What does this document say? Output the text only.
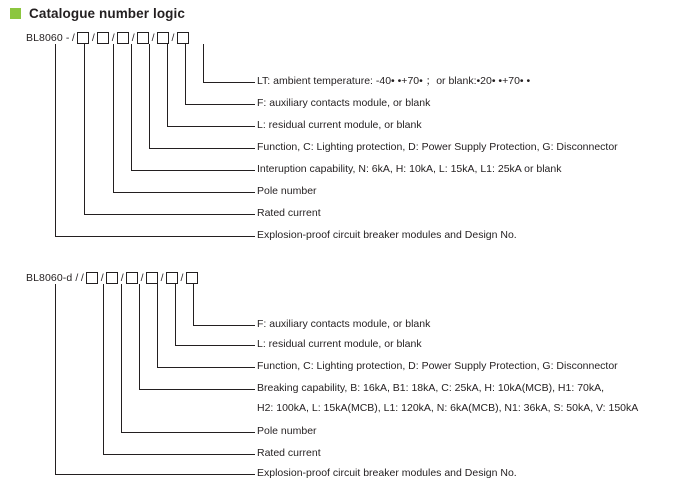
Catalogue number logic
BL8060 - / / / / / /
LT: ambient temperature: -40• •+70• ；or blank:•20• •+70• •
F: auxiliary contacts module, or blank
L: residual current module, or blank
Function, C: Lighting protection, D: Power Supply Protection, G: Disconnector
Interuption capability, N: 6kA, H: 10kA, L: 15kA, L1: 25kA or blank
Pole number
Rated current
Explosion-proof circuit breaker modules and Design No.
BL8060-d / / / / / / /
F: auxiliary contacts module, or blank
L: residual current module, or blank
Function, C: Lighting protection, D: Power Supply Protection, G: Disconnector
Breaking capability, B: 16kA, B1: 18kA, C: 25kA, H: 10kA(MCB), H1: 70kA,
H2: 100kA, L: 15kA(MCB), L1: 120kA, N: 6kA(MCB), N1: 36kA, S: 50kA, V: 150kA
Pole number
Rated current
Explosion-proof circuit breaker modules and Design No.
